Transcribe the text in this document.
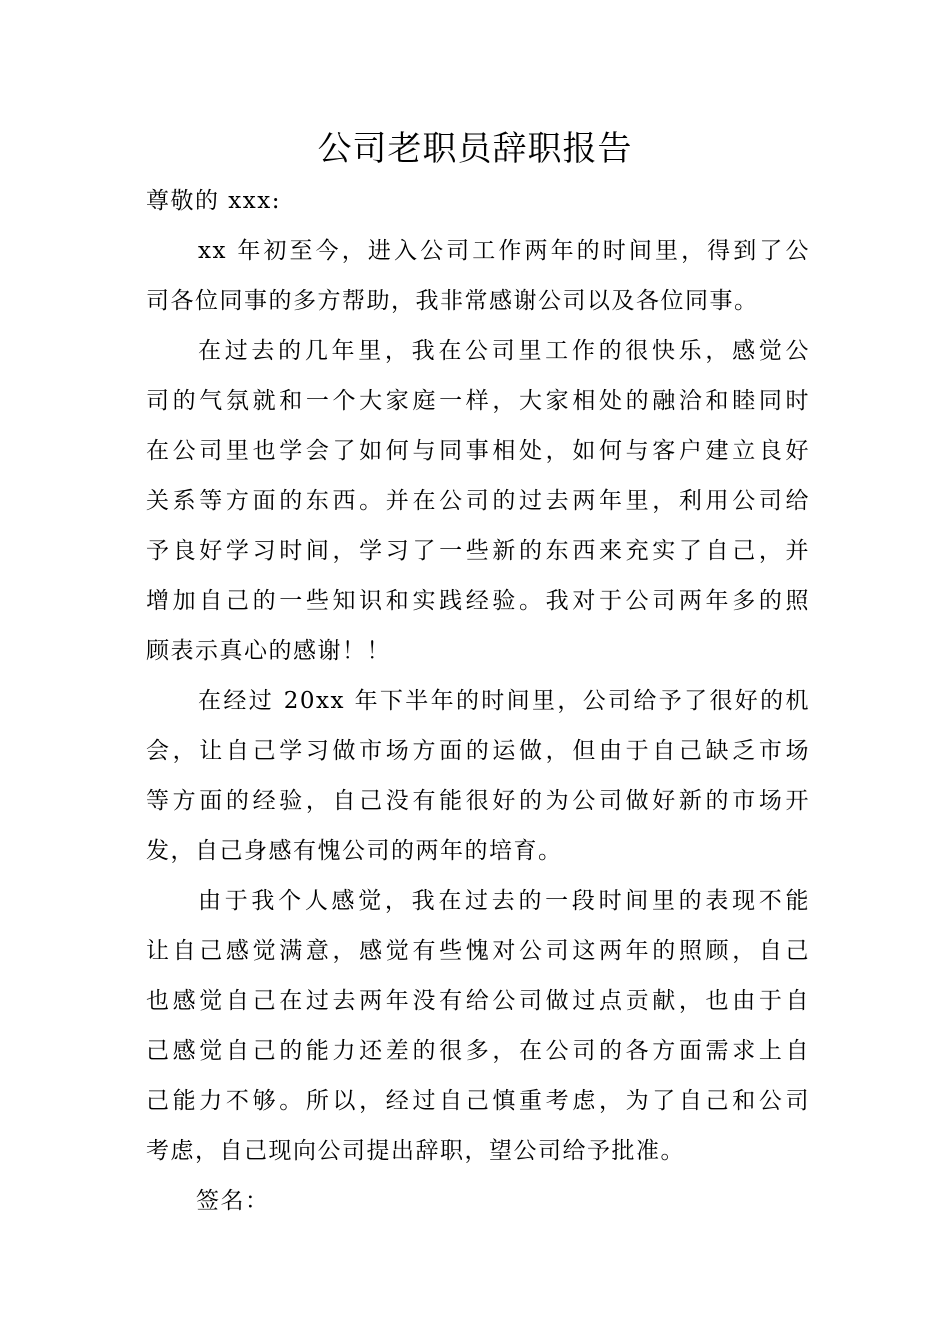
公司老职员辞职报告
尊敬的 xxx:
xx 年初至今，进入公司工作两年的时间里，得到了公
司各位同事的多方帮助，我非常感谢公司以及各位同事。
在过去的几年里，我在公司里工作的很快乐，感觉公
司的气氛就和一个大家庭一样，大家相处的融洽和睦同时
在公司里也学会了如何与同事相处，如何与客户建立良好
关系等方面的东西。并在公司的过去两年里，利用公司给
予良好学习时间，学习了一些新的东西来充实了自己，并
增加自己的一些知识和实践经验。我对于公司两年多的照
顾表示真心的感谢！！
在经过 20xx 年下半年的时间里，公司给予了很好的机
会，让自己学习做市场方面的运做，但由于自己缺乏市场
等方面的经验，自己没有能很好的为公司做好新的市场开
发，自己身感有愧公司的两年的培育。
由于我个人感觉，我在过去的一段时间里的表现不能
让自己感觉满意，感觉有些愧对公司这两年的照顾，自己
也感觉自己在过去两年没有给公司做过点贡献，也由于自
己感觉自己的能力还差的很多，在公司的各方面需求上自
己能力不够。所以，经过自己慎重考虑，为了自己和公司
考虑，自己现向公司提出辞职，望公司给予批准。
签名：
